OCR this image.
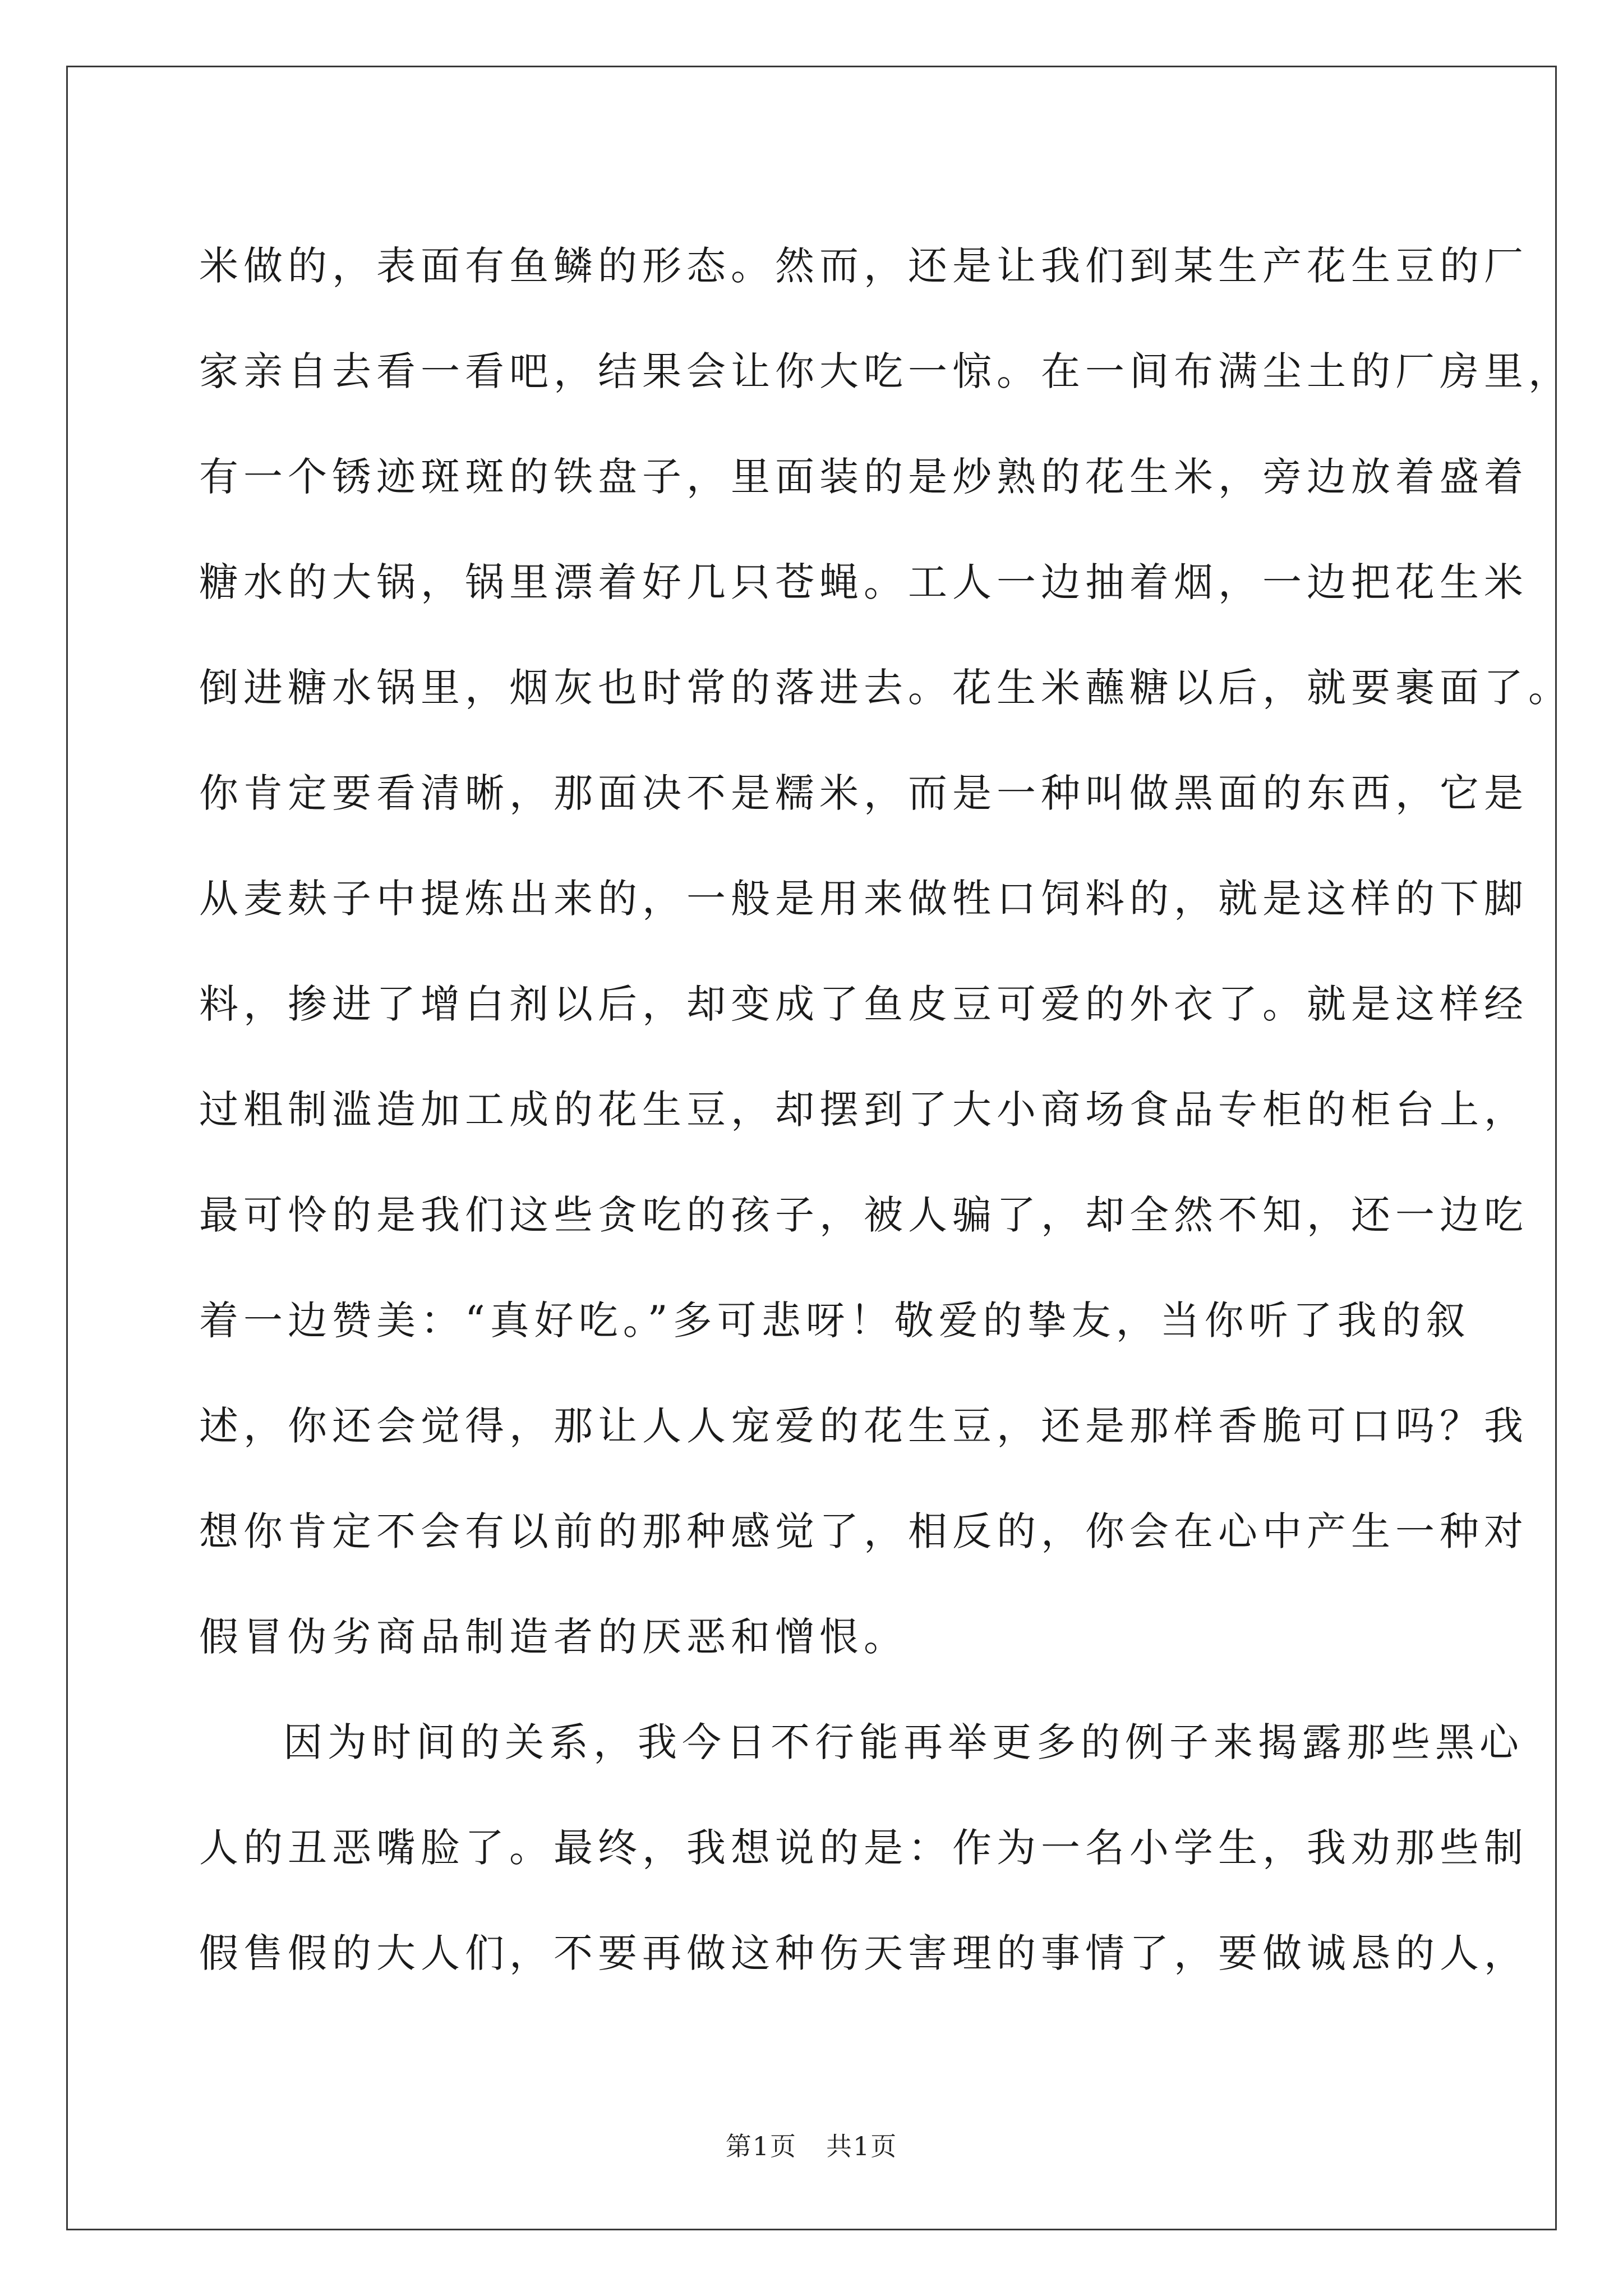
米做的，表面有鱼鳞的形态。然而，还是让我们到某生产花生豆的厂
家亲自去看一看吧，结果会让你大吃一惊。在一间布满尘土的厂房里，
有一个锈迹斑斑的铁盘子，里面装的是炒熟的花生米，旁边放着盛着
糖水的大锅，锅里漂着好几只苍蝇。工人一边抽着烟，一边把花生米
倒进糖水锅里，烟灰也时常的落进去。花生米蘸糖以后，就要裹面了。
你肯定要看清晰，那面决不是糯米，而是一种叫做黑面的东西，它是
从麦麸子中提炼出来的，一般是用来做牲口饲料的，就是这样的下脚
料，掺进了增白剂以后，却变成了鱼皮豆可爱的外衣了。就是这样经
过粗制滥造加工成的花生豆，却摆到了大小商场食品专柜的柜台上，
最可怜的是我们这些贪吃的孩子，被人骗了，却全然不知，还一边吃
着一边赞美：“真好吃。”多可悲呀！敬爱的挚友，当你听了我的叙
述，你还会觉得，那让人人宠爱的花生豆，还是那样香脆可口吗？我
想你肯定不会有以前的那种感觉了，相反的，你会在心中产生一种对
假冒伪劣商品制造者的厌恶和憎恨。
因为时间的关系，我今日不行能再举更多的例子来揭露那些黑心
人的丑恶嘴脸了。最终，我想说的是：作为一名小学生，我劝那些制
假售假的大人们，不要再做这种伤天害理的事情了，要做诚恳的人，
第1页 共1页
